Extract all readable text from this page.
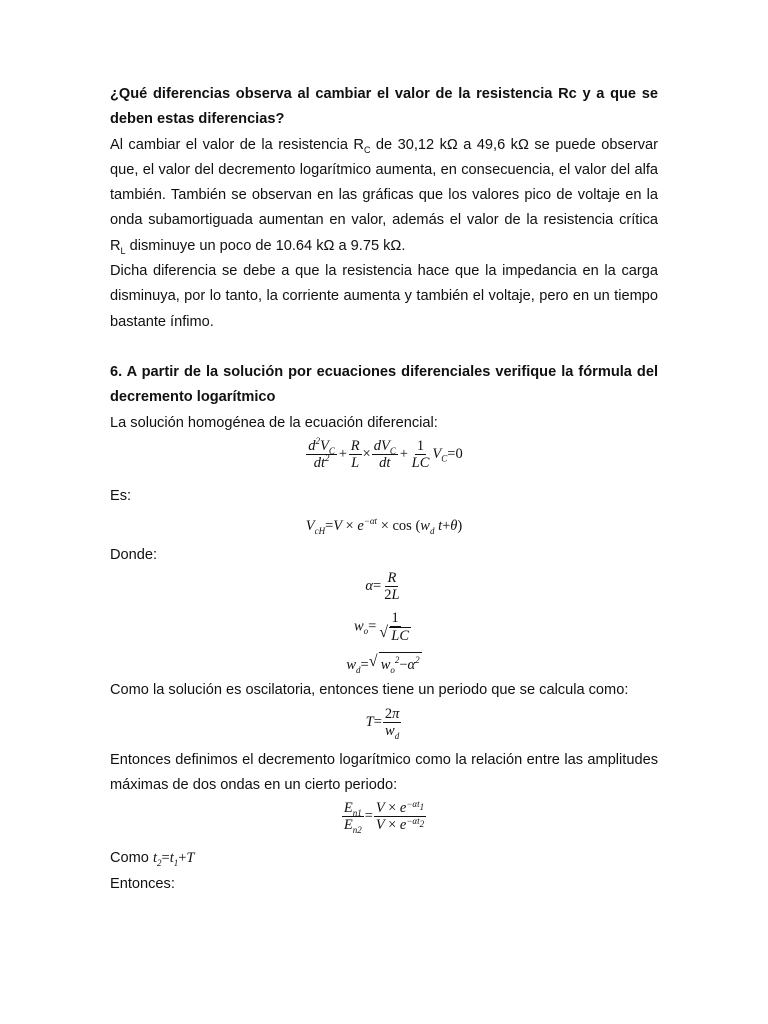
¿Qué diferencias observa al cambiar el valor de la resistencia Rc y a que se deben estas diferencias?

Al cambiar el valor de la resistencia $R_C$ de 30,12 kΩ a 49,6 kΩ se puede observar que, el valor del decremento logarítmico aumenta, en consecuencia, el valor del alfa también. También se observan en las gráficas que los valores pico de voltaje en la onda subamortiguada aumentan en valor, además el valor de la resistencia crítica $R_L$ disminuye un poco de 10.64 kΩ a 9.75 kΩ.

Dicha diferencia se debe a que la resistencia hace que la impedancia en la carga disminuya, por lo tanto, la corriente aumenta y también el voltaje, pero en un tiempo bastante ínfimo.

6. A partir de la solución por ecuaciones diferenciales verifique la fórmula del decremento logarítmico

La solución homogénea de la ecuación diferencial:

$\frac{d^2V_C}{dt^2} + \frac{R}{L} \times \frac{dV_C}{dt} + \frac{1}{LC} V_C=0$

Es:

$V_{cH}=V \times e^{-\alpha t} \times \cos (w_d$ t+θ)

Donde:

$\alpha= \frac{R}{2L}$
$w_o= \frac{1}{√ LC}$
$w_d=$ √ $w_o^2-\alpha^2$

Como la solución es oscilatoria, entonces tiene un periodo que se calcula como:

$T= \frac{2\pi}{w_d}$

Entonces definimos el decremento logarítmico como la relación entre las amplitudes máximas de dos ondas en un cierto periodo:

$\frac{E_{n1}}{E_{n2}} = \frac{V \times e^{-\alpha t_1}}{V \times e^{-\alpha t_2}}$

Como $t_2=t_1+T$

Entonces:
